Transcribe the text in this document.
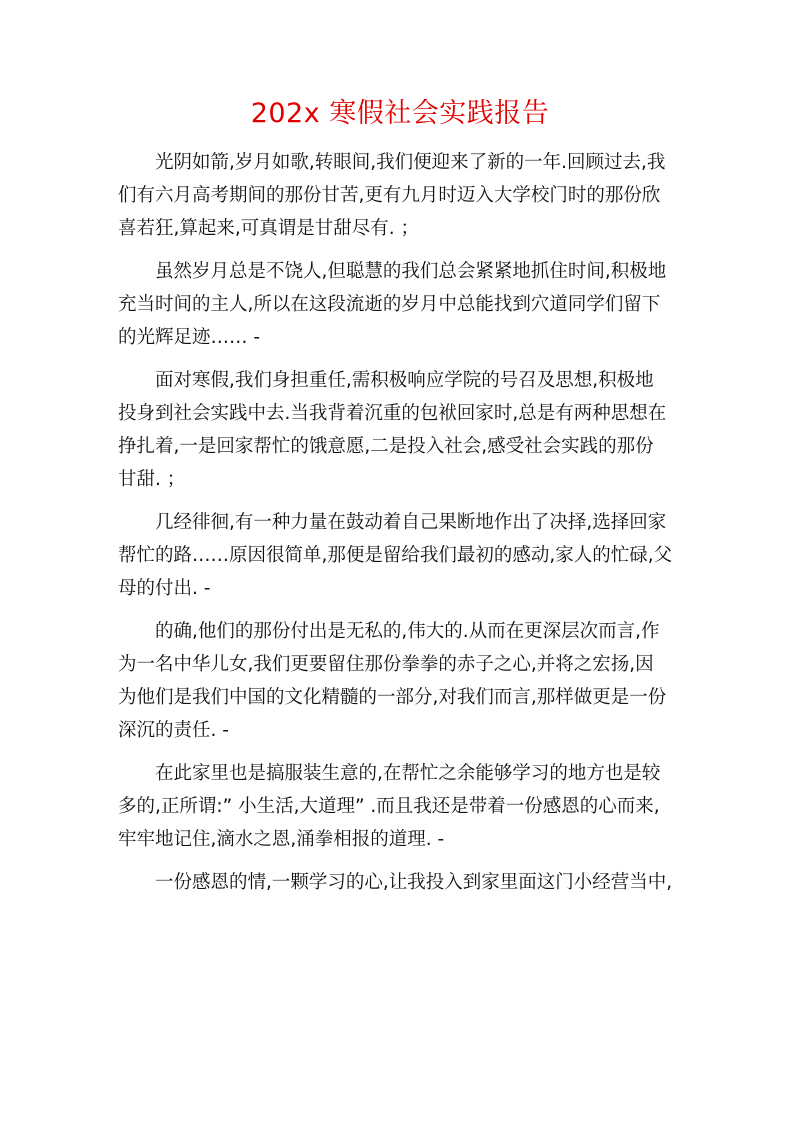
202x 寒假社会实践报告

光阴如箭,岁月如歌,转眼间,我们便迎来了新的一年.回顾过去,我
们有六月高考期间的那份甘苦,更有九月时迈入大学校门时的那份欣
喜若狂,算起来,可真谓是甘甜尽有. ；

虽然岁月总是不饶人,但聪慧的我们总会紧紧地抓住时间,积极地
充当时间的主人,所以在这段流逝的岁月中总能找到穴道同学们留下
的光辉足迹…… -

面对寒假,我们身担重任,需积极响应学院的号召及思想,积极地
投身到社会实践中去.当我背着沉重的包袱回家时,总是有两种思想在
挣扎着,一是回家帮忙的饿意愿,二是投入社会,感受社会实践的那份
甘甜. ；

几经徘徊,有一种力量在鼓动着自己果断地作出了决择,选择回家
帮忙的路……原因很简单,那便是留给我们最初的感动,家人的忙碌,父
母的付出. -

的确,他们的那份付出是无私的,伟大的.从而在更深层次而言,作
为一名中华儿女,我们更要留住那份拳拳的赤子之心,并将之宏扬,因
为他们是我们中国的文化精髓的一部分,对我们而言,那样做更是一份
深沉的责任. -

在此家里也是搞服装生意的,在帮忙之余能够学习的地方也是较
多的,正所谓:” 小生活,大道理” .而且我还是带着一份感恩的心而来,
牢牢地记住,滴水之恩,涌拳相报的道理. -

一份感恩的情,一颗学习的心,让我投入到家里面这门小经营当中,
